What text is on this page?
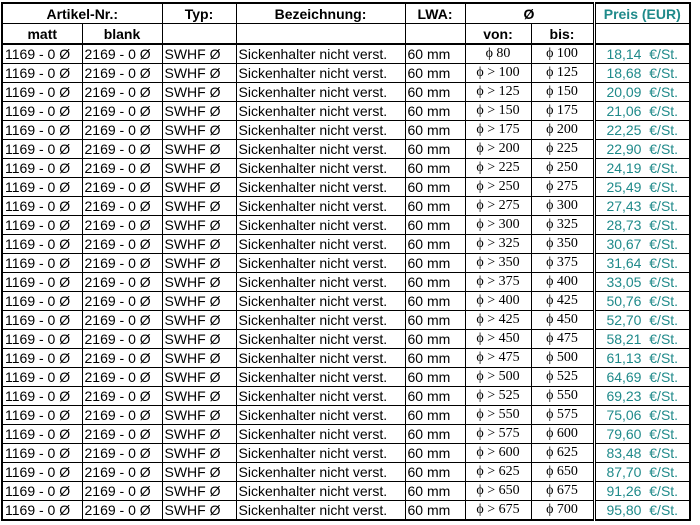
Artikel-Nr.:		Typ:	Bezeichnung:	LWA:	Ø		Preis (EUR)
matt	blank				von:	bis:	
1169 - 0 Ø	2169 - 0 Ø	SWHF Ø	Sickenhalter nicht verst.	60 mm	ϕ 80	ϕ 100	18,14 €/St.
1169 - 0 Ø	2169 - 0 Ø	SWHF Ø	Sickenhalter nicht verst.	60 mm	ϕ > 100	ϕ 125	18,68 €/St.
1169 - 0 Ø	2169 - 0 Ø	SWHF Ø	Sickenhalter nicht verst.	60 mm	ϕ > 125	ϕ 150	20,09 €/St.
1169 - 0 Ø	2169 - 0 Ø	SWHF Ø	Sickenhalter nicht verst.	60 mm	ϕ > 150	ϕ 175	21,06 €/St.
1169 - 0 Ø	2169 - 0 Ø	SWHF Ø	Sickenhalter nicht verst.	60 mm	ϕ > 175	ϕ 200	22,25 €/St.
1169 - 0 Ø	2169 - 0 Ø	SWHF Ø	Sickenhalter nicht verst.	60 mm	ϕ > 200	ϕ 225	22,90 €/St.
1169 - 0 Ø	2169 - 0 Ø	SWHF Ø	Sickenhalter nicht verst.	60 mm	ϕ > 225	ϕ 250	24,19 €/St.
1169 - 0 Ø	2169 - 0 Ø	SWHF Ø	Sickenhalter nicht verst.	60 mm	ϕ > 250	ϕ 275	25,49 €/St.
1169 - 0 Ø	2169 - 0 Ø	SWHF Ø	Sickenhalter nicht verst.	60 mm	ϕ > 275	ϕ 300	27,43 €/St.
1169 - 0 Ø	2169 - 0 Ø	SWHF Ø	Sickenhalter nicht verst.	60 mm	ϕ > 300	ϕ 325	28,73 €/St.
1169 - 0 Ø	2169 - 0 Ø	SWHF Ø	Sickenhalter nicht verst.	60 mm	ϕ > 325	ϕ 350	30,67 €/St.
1169 - 0 Ø	2169 - 0 Ø	SWHF Ø	Sickenhalter nicht verst.	60 mm	ϕ > 350	ϕ 375	31,64 €/St.
1169 - 0 Ø	2169 - 0 Ø	SWHF Ø	Sickenhalter nicht verst.	60 mm	ϕ > 375	ϕ 400	33,05 €/St.
1169 - 0 Ø	2169 - 0 Ø	SWHF Ø	Sickenhalter nicht verst.	60 mm	ϕ > 400	ϕ 425	50,76 €/St.
1169 - 0 Ø	2169 - 0 Ø	SWHF Ø	Sickenhalter nicht verst.	60 mm	ϕ > 425	ϕ 450	52,70 €/St.
1169 - 0 Ø	2169 - 0 Ø	SWHF Ø	Sickenhalter nicht verst.	60 mm	ϕ > 450	ϕ 475	58,21 €/St.
1169 - 0 Ø	2169 - 0 Ø	SWHF Ø	Sickenhalter nicht verst.	60 mm	ϕ > 475	ϕ 500	61,13 €/St.
1169 - 0 Ø	2169 - 0 Ø	SWHF Ø	Sickenhalter nicht verst.	60 mm	ϕ > 500	ϕ 525	64,69 €/St.
1169 - 0 Ø	2169 - 0 Ø	SWHF Ø	Sickenhalter nicht verst.	60 mm	ϕ > 525	ϕ 550	69,23 €/St.
1169 - 0 Ø	2169 - 0 Ø	SWHF Ø	Sickenhalter nicht verst.	60 mm	ϕ > 550	ϕ 575	75,06 €/St.
1169 - 0 Ø	2169 - 0 Ø	SWHF Ø	Sickenhalter nicht verst.	60 mm	ϕ > 575	ϕ 600	79,60 €/St.
1169 - 0 Ø	2169 - 0 Ø	SWHF Ø	Sickenhalter nicht verst.	60 mm	ϕ > 600	ϕ 625	83,48 €/St.
1169 - 0 Ø	2169 - 0 Ø	SWHF Ø	Sickenhalter nicht verst.	60 mm	ϕ > 625	ϕ 650	87,70 €/St.
1169 - 0 Ø	2169 - 0 Ø	SWHF Ø	Sickenhalter nicht verst.	60 mm	ϕ > 650	ϕ 675	91,26 €/St.
1169 - 0 Ø	2169 - 0 Ø	SWHF Ø	Sickenhalter nicht verst.	60 mm	ϕ > 675	ϕ 700	95,80 €/St.
